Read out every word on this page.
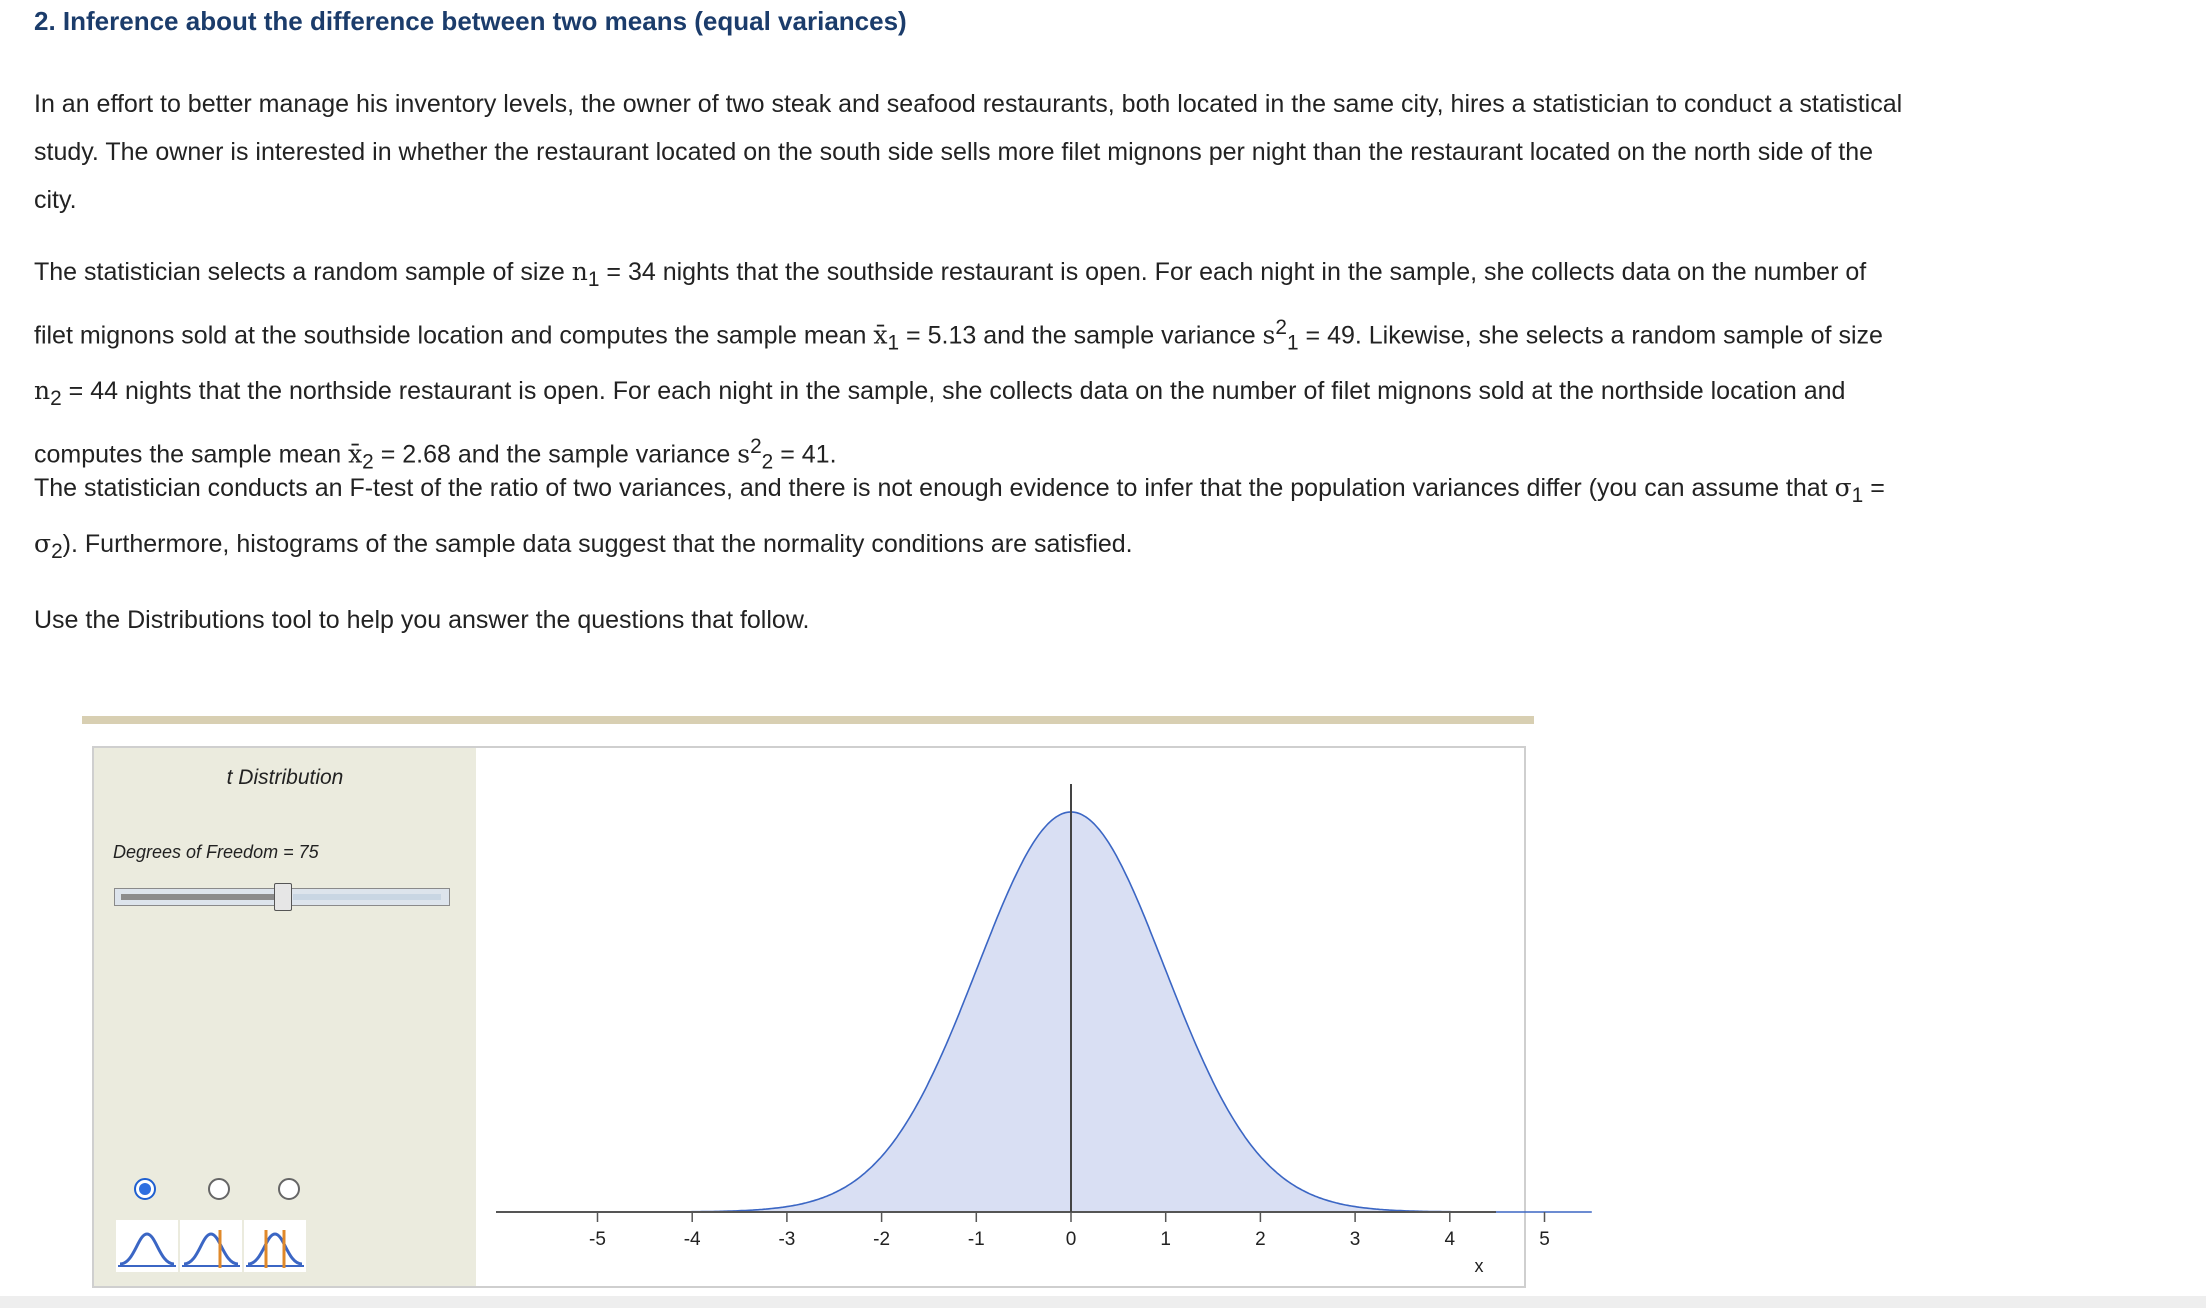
2. Inference about the difference between two means (equal variances)

In an effort to better manage his inventory levels, the owner of two steak and seafood restaurants, both located in the same city, hires a statistician to conduct a statistical study. The owner is interested in whether the restaurant located on the south side sells more filet mignons per night than the restaurant located on the north side of the city.

The statistician selects a random sample of size $n_1 = 34$ nights that the southside restaurant is open. For each night in the sample, she collects data on the number of filet mignons sold at the southside location and computes the sample mean $x̄_1 = 5.13$ and the sample variance $s^2_1 = 49$. Likewise, she selects a random sample of size $n_2 = 44$ nights that the northside restaurant is open. For each night in the sample, she collects data on the number of filet mignons sold at the northside location and computes the sample mean $x̄_2 = 2.68$ and the sample variance $s^2_2 = 41$.

The statistician conducts an F-test of the ratio of two variances, and there is not enough evidence to infer that the population variances differ (you can assume that $\sigma_1 = \sigma_2$). Furthermore, histograms of the sample data suggest that the normality conditions are satisfied.

Use the Distributions tool to help you answer the questions that follow.

t Distribution
Degrees of Freedom = 75
-5	-4	-3	-2	-1	0	1	2	3	4	5
x
